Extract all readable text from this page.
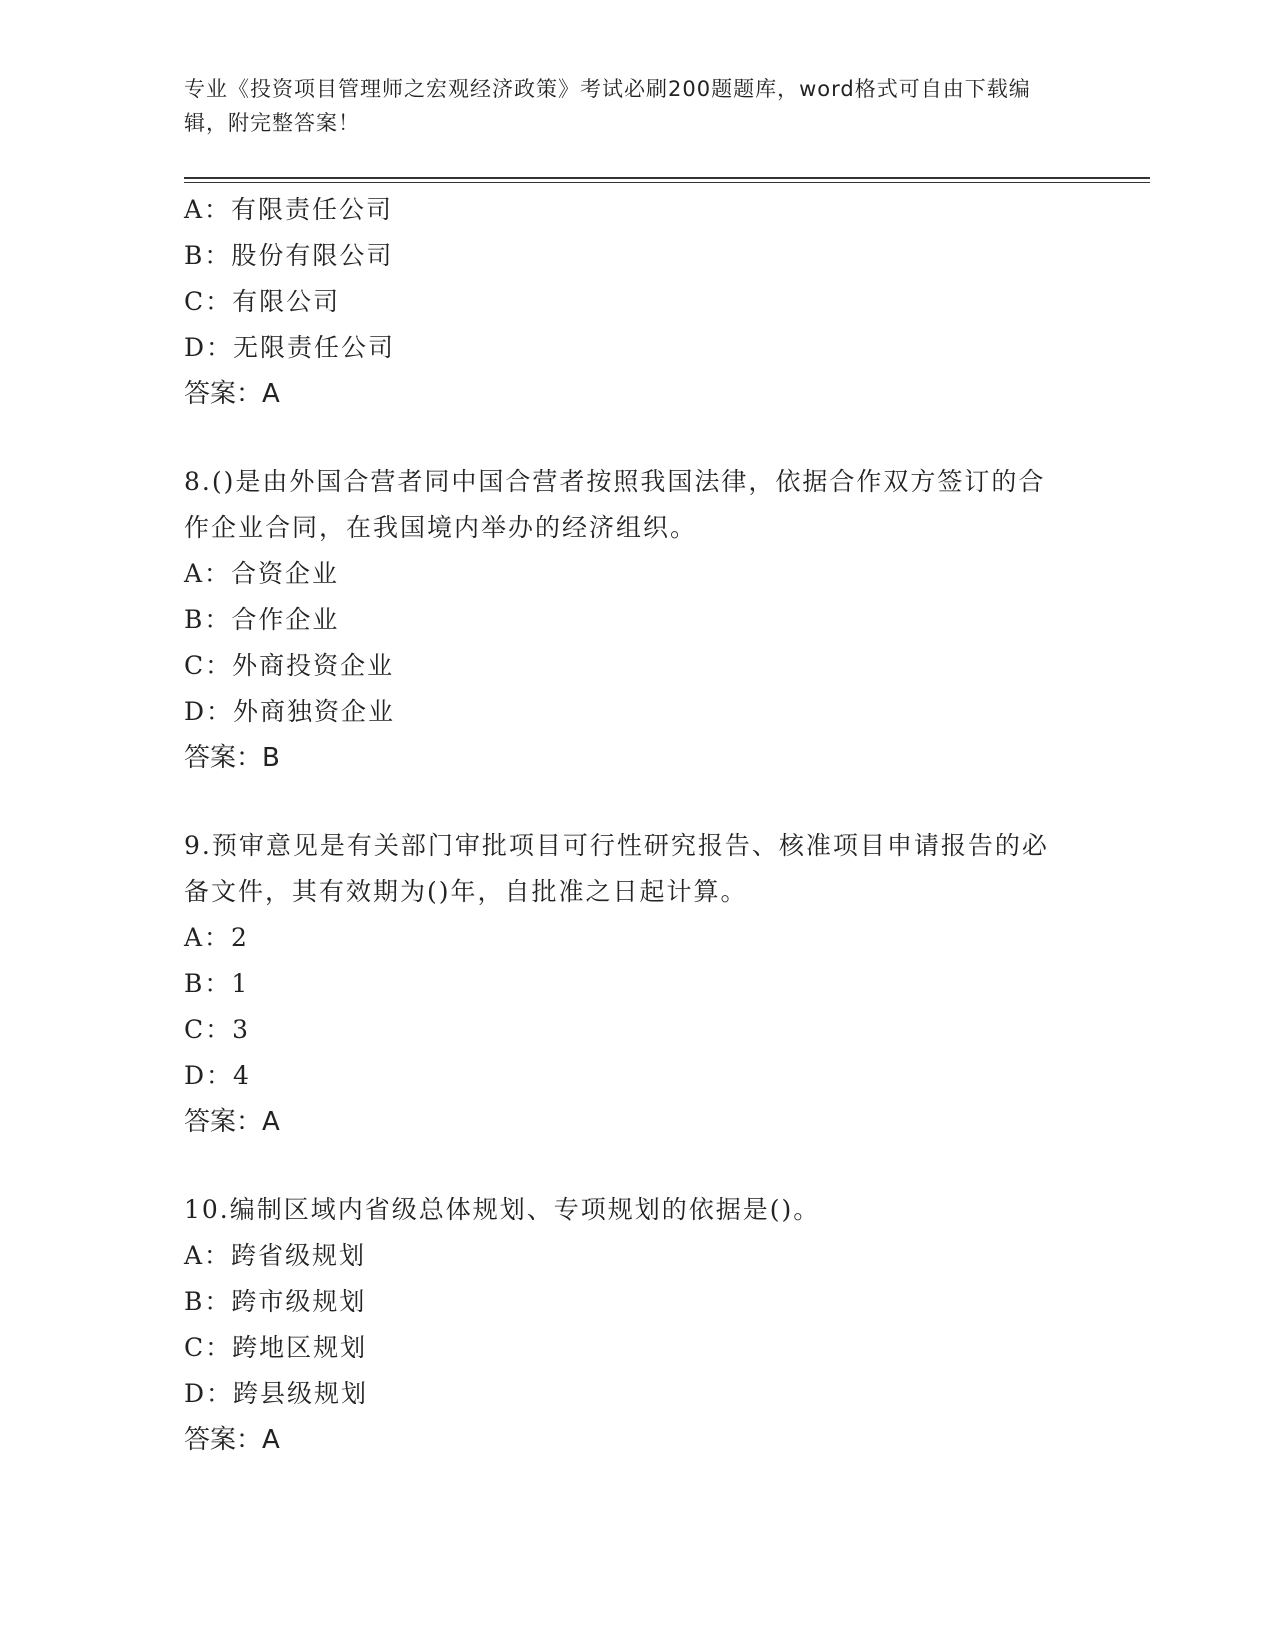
专业《投资项目管理师之宏观经济政策》考试必刷200题题库，word格式可自由下载编辑，附完整答案！
A：有限责任公司
B：股份有限公司
C：有限公司
D：无限责任公司
答案：A
8.()是由外国合营者同中国合营者按照我国法律，依据合作双方签订的合作企业合同，在我国境内举办的经济组织。
A：合资企业
B：合作企业
C：外商投资企业
D：外商独资企业
答案：B
9.预审意见是有关部门审批项目可行性研究报告、核准项目申请报告的必备文件，其有效期为()年，自批准之日起计算。
A：2
B：1
C：3
D：4
答案：A
10.编制区域内省级总体规划、专项规划的依据是()。
A：跨省级规划
B：跨市级规划
C：跨地区规划
D：跨县级规划
答案：A
